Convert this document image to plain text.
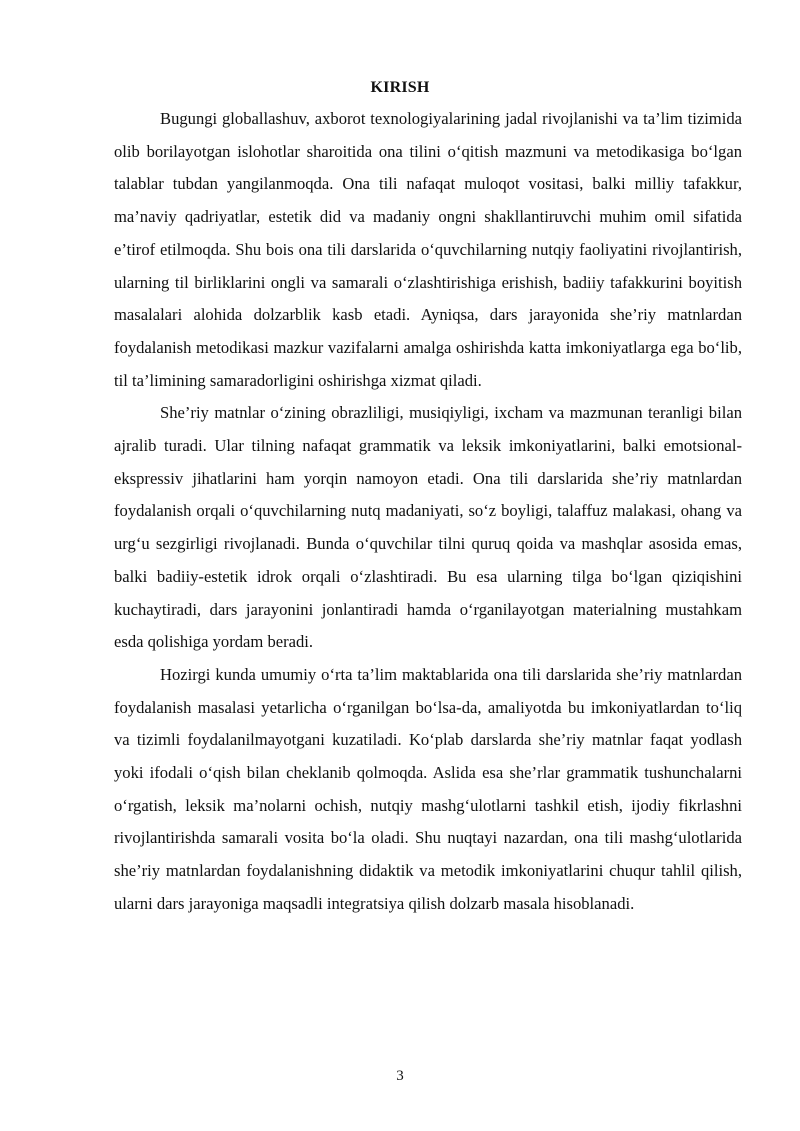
KIRISH

Bugungi globallashuv, axborot texnologiyalarining jadal rivojlanishi va ta’lim tizimida olib borilayotgan islohotlar sharoitida ona tilini o‘qitish mazmuni va metodikasiga bo‘lgan talablar tubdan yangilanmoqda. Ona tili nafaqat muloqot vositasi, balki milliy tafakkur, ma’naviy qadriyatlar, estetik did va madaniy ongni shakllantiruvchi muhim omil sifatida e’tirof etilmoqda. Shu bois ona tili darslarida o‘quvchilarning nutqiy faoliyatini rivojlantirish, ularning til birliklarini ongli va samarali o‘zlashtirishiga erishish, badiiy tafakkurini boyitish masalalari alohida dolzarblik kasb etadi. Ayniqsa, dars jarayonida she’riy matnlardan foydalanish metodikasi mazkur vazifalarni amalga oshirishda katta imkoniyatlarga ega bo‘lib, til ta’limining samaradorligini oshirishga xizmat qiladi.

She’riy matnlar o‘zining obrazliligi, musiqiyligi, ixcham va mazmunan teranligi bilan ajralib turadi. Ular tilning nafaqat grammatik va leksik imkoniyatlarini, balki emotsional-ekspressiv jihatlarini ham yorqin namoyon etadi. Ona tili darslarida she’riy matnlardan foydalanish orqali o‘quvchilarning nutq madaniyati, so‘z boyligi, talaffuz malakasi, ohang va urg‘u sezgirligi rivojlanadi. Bunda o‘quvchilar tilni quruq qoida va mashqlar asosida emas, balki badiiy-estetik idrok orqali o‘zlashtiradi. Bu esa ularning tilga bo‘lgan qiziqishini kuchaytiradi, dars jarayonini jonlantiradi hamda o‘rganilayotgan materialning mustahkam esda qolishiga yordam beradi.

Hozirgi kunda umumiy o‘rta ta’lim maktablarida ona tili darslarida she’riy matnlardan foydalanish masalasi yetarlicha o‘rganilgan bo‘lsa-da, amaliyotda bu imkoniyatlardan to‘liq va tizimli foydalanilmayotgani kuzatiladi. Ko‘plab darslarda she’riy matnlar faqat yodlash yoki ifodali o‘qish bilan cheklanib qolmoqda. Aslida esa she’rlar grammatik tushunchalarni o‘rgatish, leksik ma’nolarni ochish, nutqiy mashg‘ulotlarni tashkil etish, ijodiy fikrlashni rivojlantirishda samarali vosita bo‘la oladi. Shu nuqtayi nazardan, ona tili mashg‘ulotlarida she’riy matnlardan foydalanishning didaktik va metodik imkoniyatlarini chuqur tahlil qilish, ularni dars jarayoniga maqsadli integratsiya qilish dolzarb masala hisoblanadi.

3
